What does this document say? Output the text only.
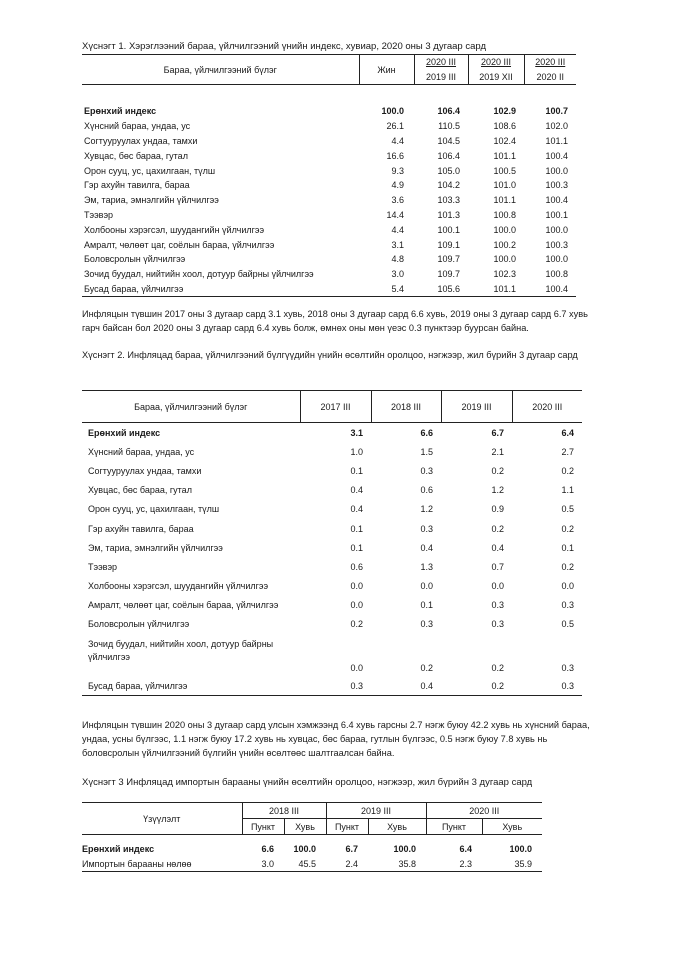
Хүснэгт 1. Хэрэглээний бараа, үйлчилгээний үнийн индекс, хувиар, 2020 оны 3 дугаар сард
Бараа, үйлчилгээний бүлэг	Жин	2020 III	2020 III	2020 III
		2019 III	2019 XII	2020 II

Ерөнхий индекс	100.0	106.4	102.9	100.7
Хүнсний бараа, ундаа, ус	26.1	110.5	108.6	102.0
Согтууруулах ундаа, тамхи	4.4	104.5	102.4	101.1
Хувцас, бөс бараа, гутал	16.6	106.4	101.1	100.4
Орон сууц, ус, цахилгаан, түлш	9.3	105.0	100.5	100.0
Гэр ахуйн тавилга, бараа	4.9	104.2	101.0	100.3
Эм, тариа, эмнэлгийн үйлчилгээ	3.6	103.3	101.1	100.4
Тээвэр	14.4	101.3	100.8	100.1
Холбооны хэрэгсэл, шуудангийн үйлчилгээ	4.4	100.1	100.0	100.0
Амралт, чөлөөт цаг, соёлын бараа, үйлчилгээ	3.1	109.1	100.2	100.3
Боловсролын үйлчилгээ	4.8	109.7	100.0	100.0
Зочид буудал, нийтийн хоол, дотуур байрны үйлчилгээ	3.0	109.7	102.3	100.8
Бусад бараа, үйлчилгээ	5.4	105.6	101.1	100.4
Инфляцын түвшин 2017 оны 3 дугаар сард 3.1 хувь, 2018 оны 3 дугаар сард 6.6 хувь, 2019 оны 3 дугаар сард 6.7 хувь гарч байсан бол 2020 оны 3 дугаар сард 6.4 хувь болж, өмнөх оны мөн үеэс 0.3 пунктээр буурсан байна.
Хүснэгт 2. Инфляцад бараа, үйлчилгээний бүлгүүдийн үнийн өсөлтийн оролцоо, нэгжээр, жил бүрийн 3 дугаар сард
Бараа, үйлчилгээний бүлэг	2017 III	2018 III	2019 III	2020 III
Ерөнхий индекс	3.1	6.6	6.7	6.4
Хүнсний бараа, ундаа, ус	1.0	1.5	2.1	2.7
Согтууруулах ундаа, тамхи	0.1	0.3	0.2	0.2
Хувцас, бөс бараа, гутал	0.4	0.6	1.2	1.1
Орон сууц, ус, цахилгаан, түлш	0.4	1.2	0.9	0.5
Гэр ахуйн тавилга, бараа	0.1	0.3	0.2	0.2
Эм, тариа, эмнэлгийн үйлчилгээ	0.1	0.4	0.4	0.1
Тээвэр	0.6	1.3	0.7	0.2
Холбооны хэрэгсэл, шуудангийн үйлчилгээ	0.0	0.0	0.0	0.0
Амралт, чөлөөт цаг, соёлын бараа, үйлчилгээ	0.0	0.1	0.3	0.3
Боловсролын үйлчилгээ	0.2	0.3	0.3	0.5
Зочид буудал, нийтийн хоол, дотуур байрны үйлчилгээ	0.0	0.2	0.2	0.3
Бусад бараа, үйлчилгээ	0.3	0.4	0.2	0.3
Инфляцын түвшин 2020 оны 3 дугаар сард улсын хэмжээнд 6.4 хувь гарсны 2.7 нэгж буюу 42.2 хувь нь хүнсний бараа, ундаа, усны бүлгээс, 1.1 нэгж буюу 17.2 хувь нь хувцас, бөс бараа, гутлын бүлгээс, 0.5 нэгж буюу 7.8 хувь нь боловсролын үйлчилгээний бүлгийн үнийн өсөлтөөс шалтгаалсан байна.
Хүснэгт 3 Инфляцад импортын барааны үнийн өсөлтийн оролцоо, нэгжээр, жил бүрийн 3 дугаар сард
Үзүүлэлт	2018 III		2019 III		2020 III	
	Пункт	Хувь	Пункт	Хувь	Пункт	Хувь

Ерөнхий индекс	6.6	100.0	6.7	100.0	6.4	100.0
Импортын барааны нөлөө	3.0	45.5	2.4	35.8	2.3	35.9
